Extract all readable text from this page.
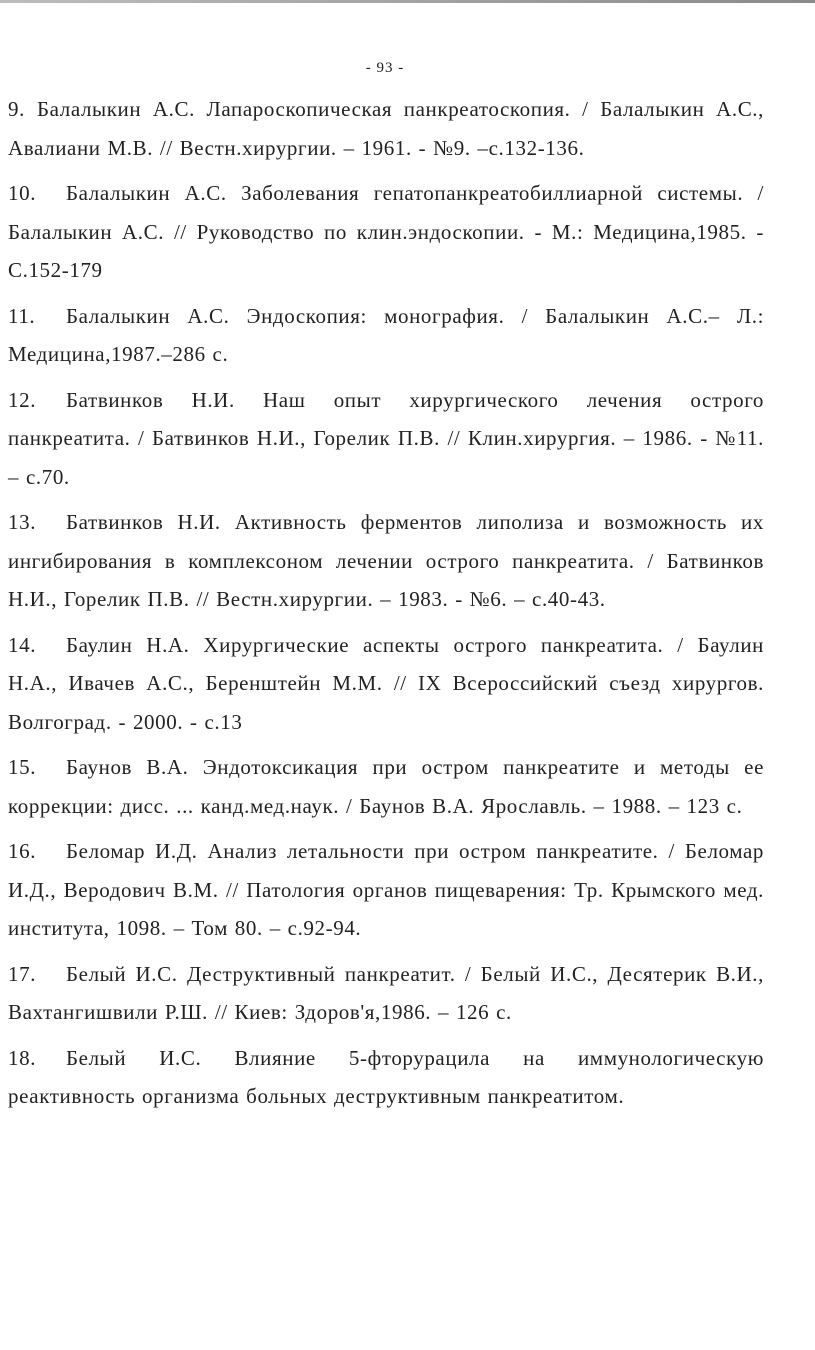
- 93 -
9. Балалыкин А.С. Лапароскопическая панкреатоскопия. / Балалыкин А.С., Авалиани М.В. // Вестн.хирургии. – 1961. - №9. –с.132-136.
10. Балалыкин А.С. Заболевания гепатопанкреатобиллиарной системы. / Балалыкин А.С. // Руководство по клин.эндоскопии. - М.: Медицина,1985. - С.152-179
11. Балалыкин А.С. Эндоскопия: монография. / Балалыкин А.С.– Л.: Медицина,1987.–286 с.
12. Батвинков Н.И. Наш опыт хирургического лечения острого панкреатита. / Батвинков Н.И., Горелик П.В. // Клин.хирургия. – 1986. - №11. – с.70.
13. Батвинков Н.И. Активность ферментов липолиза и возможность их ингибирования в комплексоном лечении острого панкреатита. / Батвинков Н.И., Горелик П.В. // Вестн.хирургии. – 1983. - №6. – с.40-43.
14. Баулин Н.А. Хирургические аспекты острого панкреатита. / Баулин Н.А., Ивачев А.С., Беренштейн М.М. // IX Всероссийский съезд хирургов. Волгоград. - 2000. - с.13
15. Баунов В.А. Эндотоксикация при остром панкреатите и методы ее коррекции: дисс. ... канд.мед.наук. / Баунов В.А. Ярославль. – 1988. – 123 с.
16. Беломар И.Д. Анализ летальности при остром панкреатите. / Беломар И.Д., Веродович В.М. // Патология органов пищеварения: Тр. Крымского мед. института, 1098. – Том 80. – с.92-94.
17. Белый И.С. Деструктивный панкреатит. / Белый И.С., Десятерик В.И., Вахтангишвили Р.Ш. // Киев: Здоров'я,1986. – 126 с.
18. Белый И.С. Влияние 5-фторурацила на иммунологическую реактивность организма больных деструктивным панкреатитом.
